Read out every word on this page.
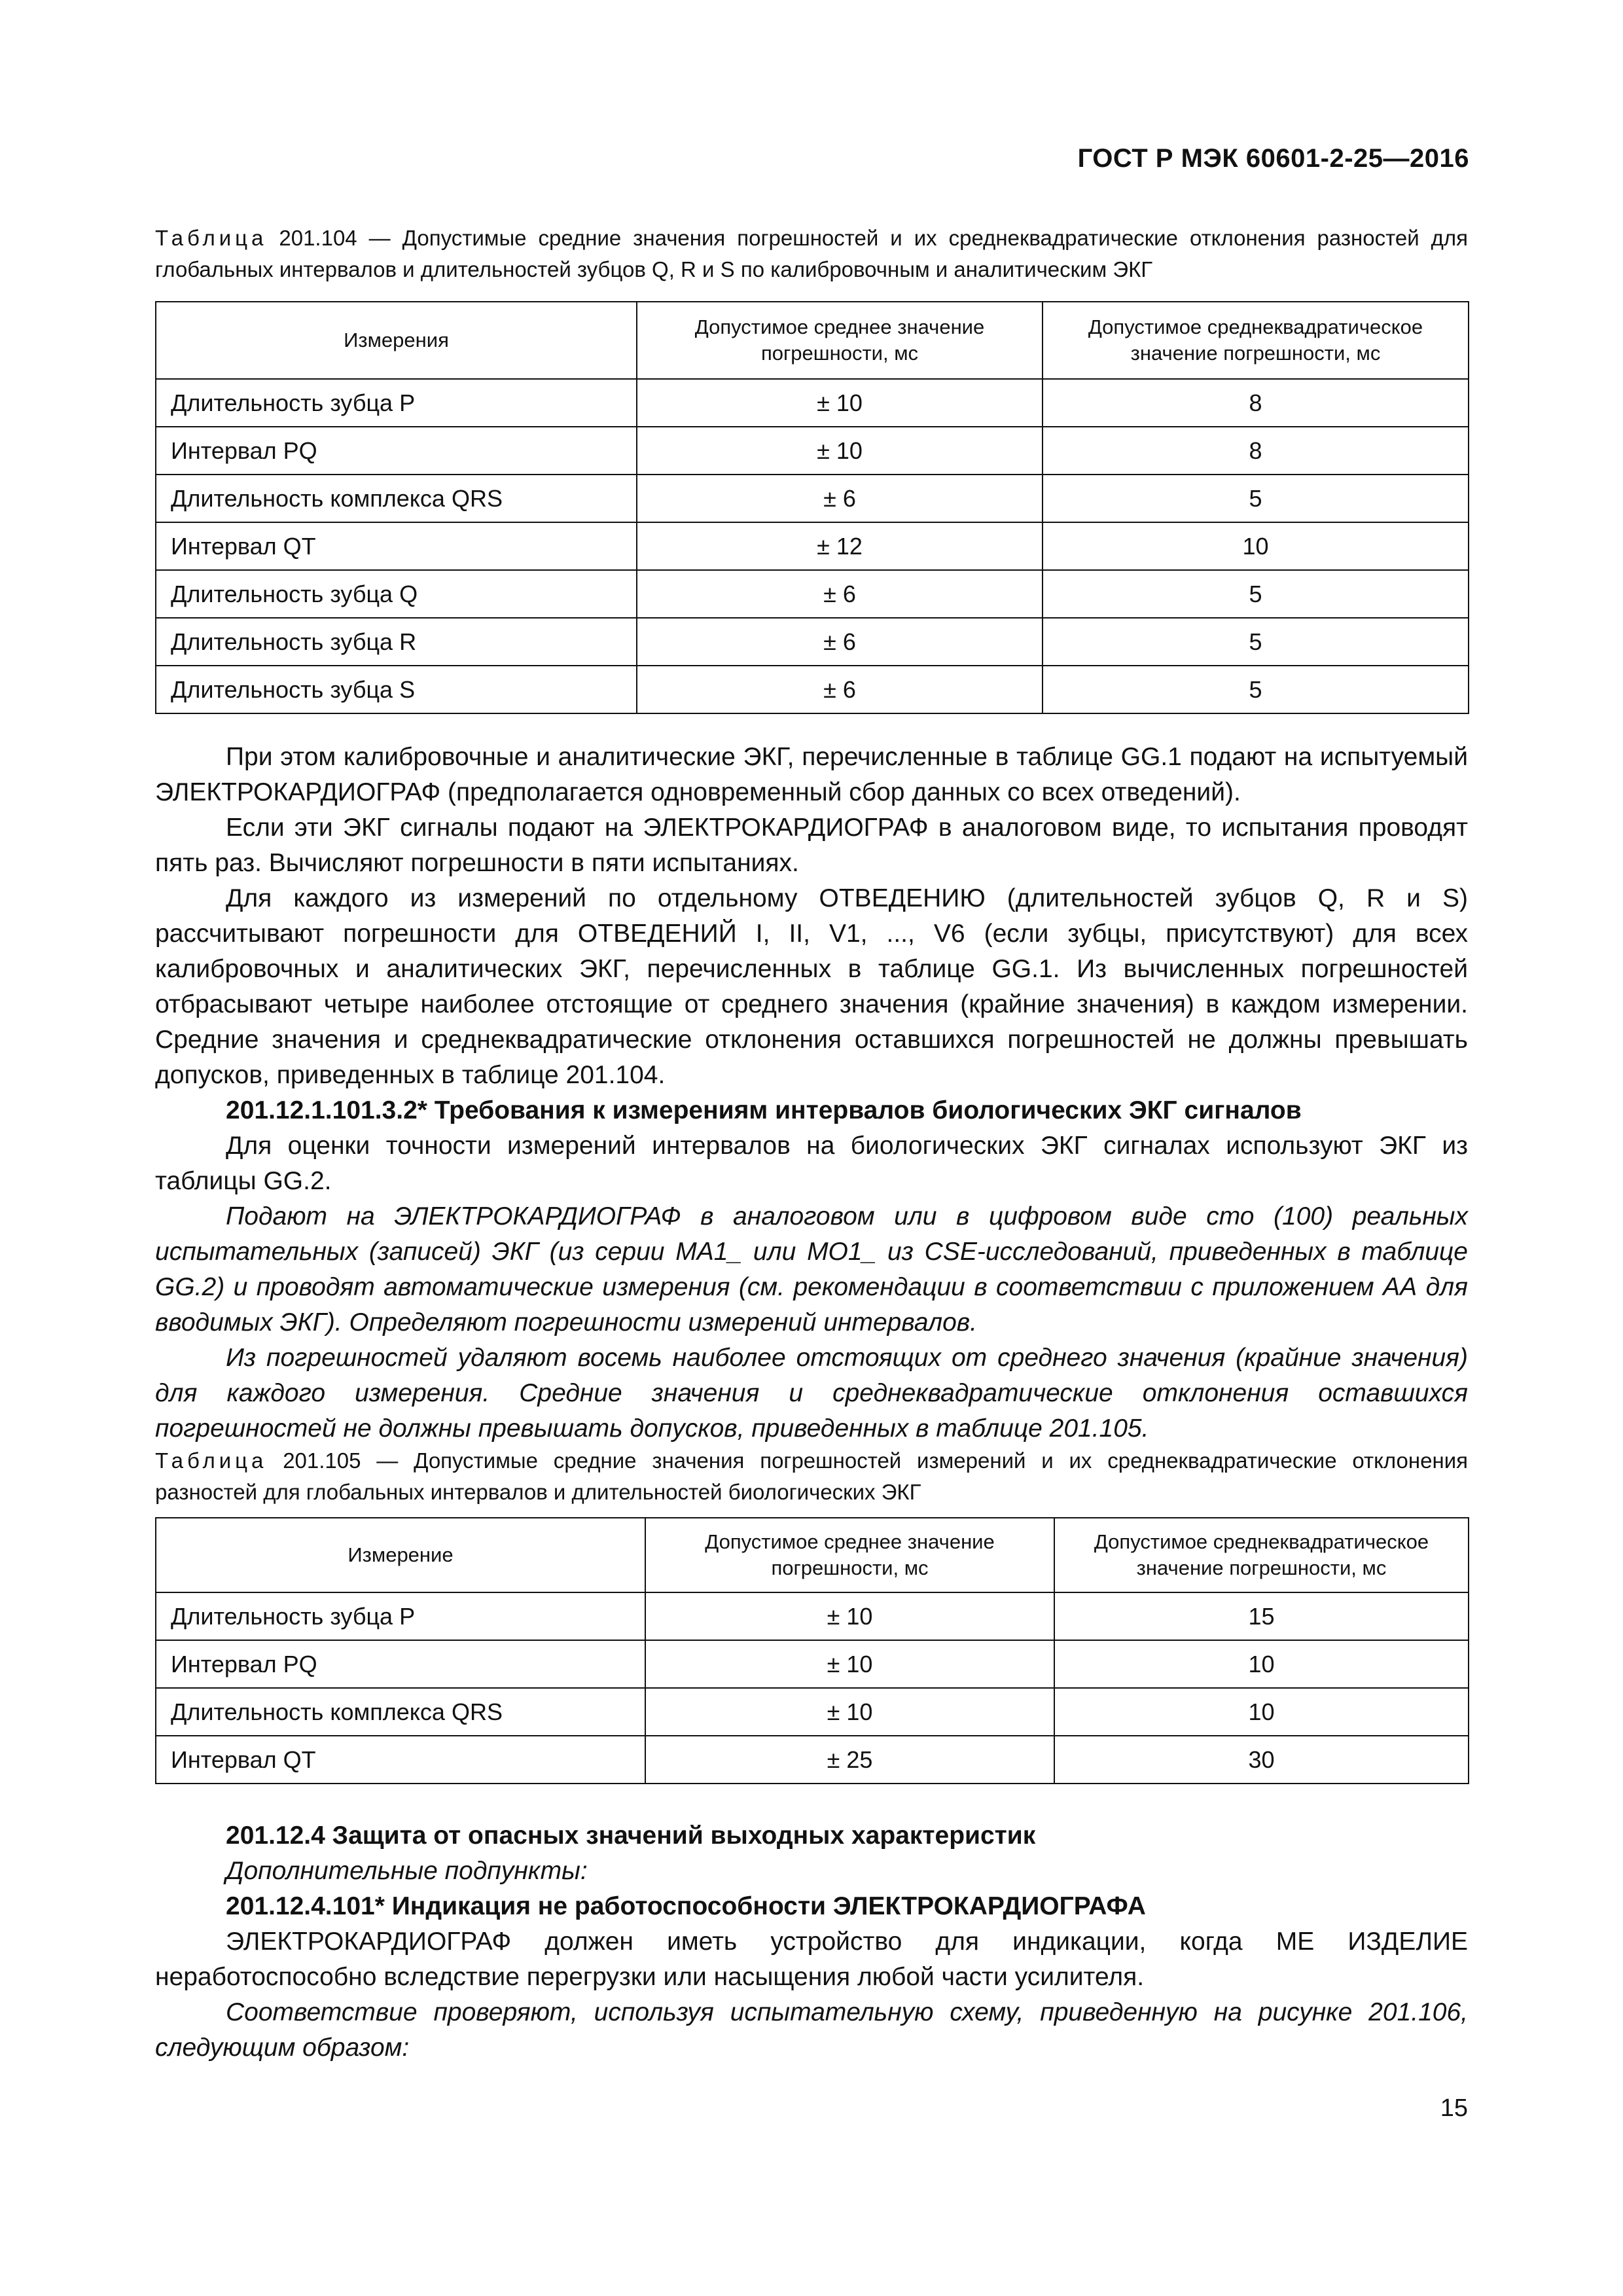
ГОСТ Р МЭК 60601-2-25—2016
Таблица 201.104 — Допустимые средние значения погрешностей и их среднеквадратические отклонения разностей для глобальных интервалов и длительностей зубцов Q, R и S по калибровочным и аналитическим ЭКГ
Измерения	Допустимое среднее значение погрешности, мс	Допустимое среднеквадратическое значение погрешности, мс
Длительность зубца P	± 10	8
Интервал PQ	± 10	8
Длительность комплекса QRS	± 6	5
Интервал QT	± 12	10
Длительность зубца Q	± 6	5
Длительность зубца R	± 6	5
Длительность зубца S	± 6	5

При этом калибровочные и аналитические ЭКГ, перечисленные в таблице GG.1 подают на испытуемый ЭЛЕКТРОКАРДИОГРАФ (предполагается одновременный сбор данных со всех отведений).

Если эти ЭКГ сигналы подают на ЭЛЕКТРОКАРДИОГРАФ в аналоговом виде, то испытания проводят пять раз. Вычисляют погрешности в пяти испытаниях.

Для каждого из измерений по отдельному ОТВЕДЕНИЮ (длительностей зубцов Q, R и S) рассчитывают погрешности для ОТВЕДЕНИЙ I, II, V1, ..., V6 (если зубцы, присутствуют) для всех калибровочных и аналитических ЭКГ, перечисленных в таблице GG.1. Из вычисленных погрешностей отбрасывают четыре наиболее отстоящие от среднего значения (крайние значения) в каждом измерении. Средние значения и среднеквадратические отклонения оставшихся погрешностей не должны превышать допусков, приведенных в таблице 201.104.

201.12.1.101.3.2* Требования к измерениям интервалов биологических ЭКГ сигналов

Для оценки точности измерений интервалов на биологических ЭКГ сигналах используют ЭКГ из таблицы GG.2.

Подают на ЭЛЕКТРОКАРДИОГРАФ в аналоговом или в цифровом виде сто (100) реальных испытательных (записей) ЭКГ (из серии MA1_ или MO1_ из CSE-исследований, приведенных в таблице GG.2) и проводят автоматические измерения (см. рекомендации в соответствии с приложением АА для вводимых ЭКГ). Определяют погрешности измерений интервалов.

Из погрешностей удаляют восемь наиболее отстоящих от среднего значения (крайние значения) для каждого измерения. Средние значения и среднеквадратические отклонения оставшихся погрешностей не должны превышать допусков, приведенных в таблице 201.105.

Таблица 201.105 — Допустимые средние значения погрешностей измерений и их среднеквадратические отклонения разностей для глобальных интервалов и длительностей биологических ЭКГ
Измерение	Допустимое среднее значение погрешности, мс	Допустимое среднеквадратическое значение погрешности, мс
Длительность зубца P	± 10	15
Интервал PQ	± 10	10
Длительность комплекса QRS	± 10	10
Интервал QT	± 25	30

201.12.4 Защита от опасных значений выходных характеристик

Дополнительные подпункты:

201.12.4.101* Индикация не работоспособности ЭЛЕКТРОКАРДИОГРАФА

ЭЛЕКТРОКАРДИОГРАФ должен иметь устройство для индикации, когда МЕ ИЗДЕЛИЕ неработоспособно вследствие перегрузки или насыщения любой части усилителя.

Соответствие проверяют, используя испытательную схему, приведенную на рисунке 201.106, следующим образом:

15
